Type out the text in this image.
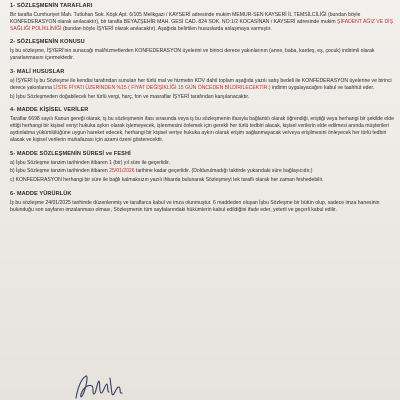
1- SÖZLEŞMENİN TARAFLARI
Bir tarafta Cumhuriyet Mah. Tutluhan Sok. Köşk Apt. 6/105 Melikgazi / KAYSERİ adresinde mukim MEMUR-SEN KAYSERİ İL TEMSİLCİLİĞİ (bundan böyle KONFEDERASYON olarak anılacaktır), bir tarafta BEYAZŞEHİR MAH. GESİ CAD. 824 SOK. NO:1/2 KOCASİNAN / KAYSERİ adresinde mukim ŞİFADENT AĞIZ VE DİŞ SAĞLIĞI POLİKLİNİĞİ (bundan böyle İŞYERİ olarak anılacaktır). Aşağıda belirtilen hususlarda anlaşmaya varmıştır.
2- SÖZLEŞMENİN KONUSU
İş bu sözleşme, İŞYERİ'nin sunacağı mal/hizmetlerden KONFEDERASYON üyelerini ve birinci derece yakınlarının (anne, baba, kardeş, eş, çocuk) indirimli olarak yararlanmasını içermektedir.
3- MALİ HUSUSLAR
a) İŞYERİ İş bu Sözleşme ile kendisi tarafından sunulan her türlü mal ve hizmetin KDV dahil toplam aşağıda yazılı satış bedeli ile KONFEDERASYON üyelerine ve birinci derece yakınlarına LİSTE FİYATI ÜZERİNDEN %15 ( FİYAT DEĞİŞİKLİĞİ 15 GÜN ÖNCEDEN BİLDİRİLECEKTİR.) indirim uygulayacağını kabul ve taahhüt eder.
b) İşbu Sözleşmeden doğabilecek her türlü vergi, harç, fon ve masraflar İŞYERİ tarafından karşılanacaktır.
4- MADDE KİŞİSEL VERİLER
Taraflar 6698 sayılı Kanun gereği olarak, iş bu sözleşmenin ifası sırasında veya iş bu sözleşmenin ifasıyla bağlantılı olarak öğrendiği, eriştiği veya herhangi bir şekilde elde ettiği herhangi bir kişisel veriyi hukuka aykırı olarak işlemeyecek, işlenmesini önlemek için gerekli her türlü tedbiri alacak, kişisel verilerin elde edilmesi anında müşterileri aydınlatma yükümlülüğüne uygun hareket edecek, herhangi bir kişisel veriye hukuka aykırı olarak erişim sağlanmayacak ve/veya erişilmesini önleyecek her türlü tedbiri alacak ve kişisel verilerin muhafazası için azami özeni gösterecektir.
5- MADDE SÖZLEŞMENİN SÜRESİ ve FESHİ
a) İşbu Sözleşme tanzim tarihinden itibaren 1 (bir) yıl süre ile geçerlidir.
b) İşbu Sözleşme tanzim tarihinden itibaren 25/01/2026 tarihine kadar geçerlidir. (Doldurulmadığı taktirde yukarıdaki süre bağlayıcıdır.)
c) KONFEDERASYON herhangi bir süre ile bağlı kalmaksızın yazılı ihbarda bulunarak Sözleşmeyi tek taraflı olarak her zaman feshedebilir.
6- MADDE YÜRÜRLÜK
İş bu sözleşme 24/01/2025 tarihinde düzenlenmiş ve taraflarca kabul ve imza olunmuştur. 6 maddeden oluşan İşbu Sözleşme bir bütün olup, sadece imza hanesinin bulunduğu son sayfanın imzalanması olması, Sözleşmenin tüm sayfalarındaki hükümlerin kabul edildiğini ifade eder, yeterli ve geçerli kabul edilir.
